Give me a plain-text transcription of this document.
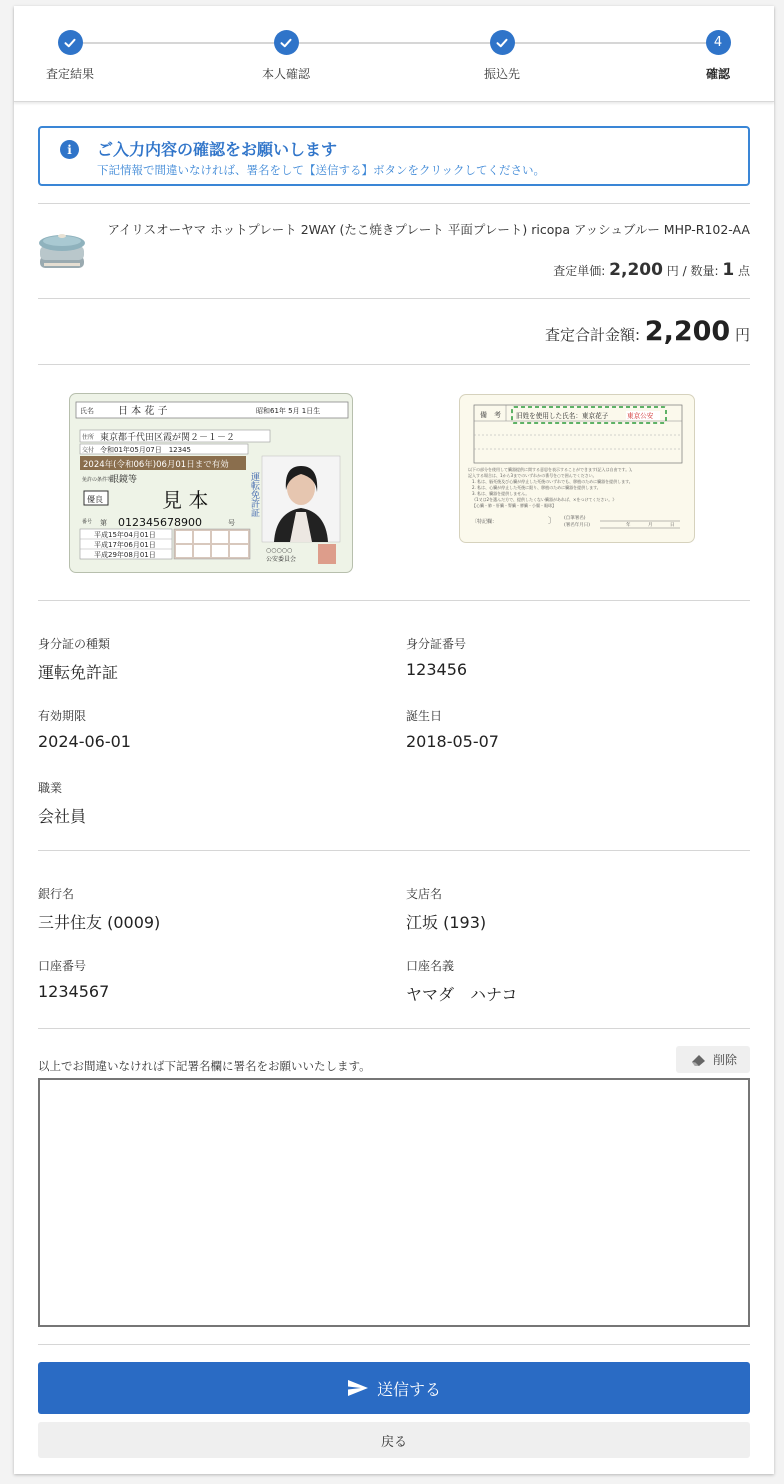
査定結果	本人確認	振込先
4
確認
i	ご入力内容の確認をお願いします
下記情報で間違いなければ、署名をして【送信する】ボタンをクリックしてください。
アイリスオーヤマ ホットプレート 2WAY (たこ焼きプレート 平面プレート) ricopa アッシュブルー MHP-R102-AA
査定単価: 2,200 円 / 数量: 1 点
査定合計金額: 2,200 円
氏名 日 本 花 子	昭和61年 5月 1日生
住所 東京都千代田区霞が関２－１－２
交付 令和01年05月07日　12345
2024年(令和06年)06月01日まで有効
免許の条件等
眼鏡等
優良	見 本
番号 第 012345678900	号
平成15年04月01日
平成17年06月01日
平成29年08月01日
運転免許証
○○○○○
公安委員会
備　考 旧姓を使用した氏名：東京花子	東京公安
以下の部分を使用して臓器提供に関する意思を表示することができます(記入は自由です。)。
記入する場合は、1から3までのいずれかの番号を○で囲んでください。
1. 私は、脳死後及び心臓が停止した死後のいずれでも、移植のために臓器を提供します。
2. 私は、心臓が停止した死後に限り、移植のために臓器を提供します。
3. 私は、臓器を提供しません。
《1又は2を選んだ方で、提供したくない臓器があれば、×をつけてください。》
【心臓・肺・肝臓・腎臓・膵臓・小腸・眼球】
〔特記欄：	〕 (自筆署名)
(署名年月日)	年	月	日
身分証の種類
運転免許証
身分証番号
123456
有効期限
2024-06-01
誕生日
2018-05-07
職業
会社員
銀行名
三井住友 (0009)
支店名
江坂 (193)
口座番号
1234567
口座名義
ヤマダ　ハナコ
以上でお間違いなければ下記署名欄に署名をお願いいたします。	削除
送信する
戻る
